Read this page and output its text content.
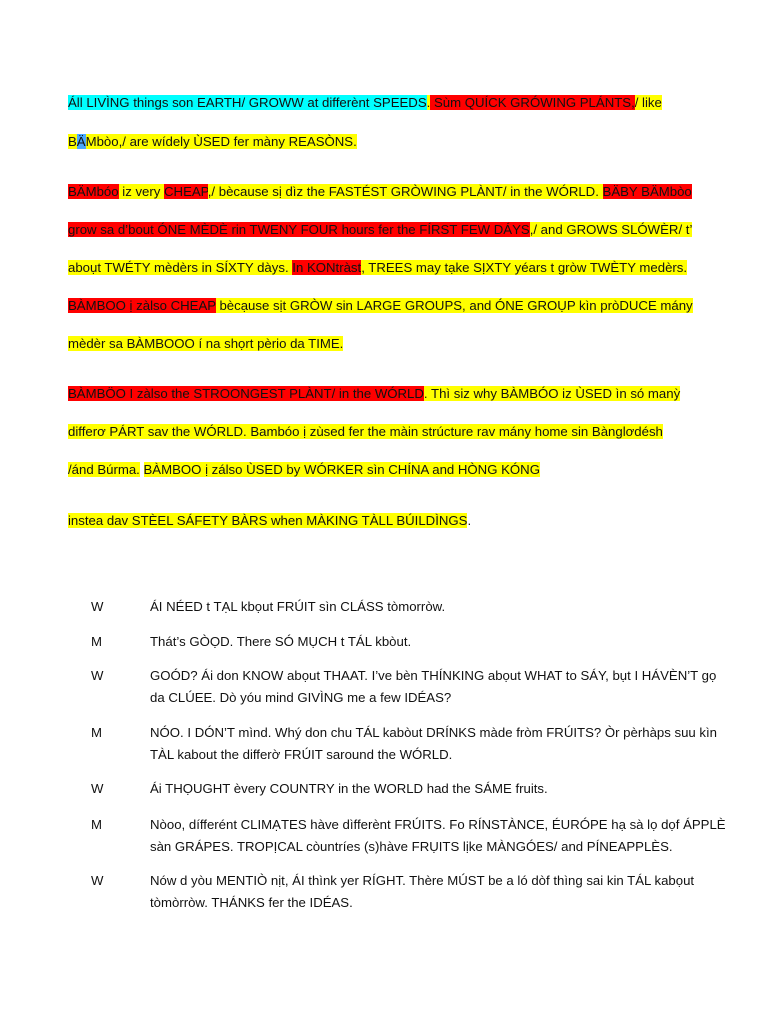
Áll LIVÌNG things son EARTH/ GROWW at differènt SPEEDS. Sùm QUÍCK GRÓWING PLÁNTS,/ like
BÄMbòo,/ are wídely ÙSED fer màny REASÒNS.
BÄMbóo iz very CHEAP,/ bècause sị dìz the FASTÉST GRÒWING PLÀNT/ in the WÓRLD. BÄBY BÄMbòo
grow sa d’bout ÓNE MÈDÈ rin TWENY FOUR hours fer the FÍRST FEW DÁYS,/ and GROWS SLÓWÈR/ t’
aboụt TWÉTY mèdèrs in SÍXTY dàys. In KONtràst, TREES may tạke SỊXTY yéars t gròw TWÈTY medèrs.
BÀMBOO ị zàlso CHEAP bècạuse sịt GRÒW sin LARGE GROUPS, and ÓNE GROỤP kìn pròDUCE mány
mèdèr sa BÀMBOOO í na shọrt pèrio da TIME.
BÀMBÖO I zàlso the STROONGEST PLÀNT/ in the WÓRLD. Thì siz why BÀMBÓO iz ÙSED ìn só manỳ
differơ PÁRT sav the WÓRLD. Bambóo ị zùsed fer the màin strúcture rav mány home sin Bànglơdésh
/ánd Búrma. BÀMBOO ị zálso ÙSED by WÓRKER sìn CHÍNA and HÒNG KÓNG
instea dav STÈEL SÁFETY BÀRS when MÀKING TÀLL BÚILDÌNGS.
W	ÁI NÉED t TẠL kbọut FRÚIT sìn CLÁSS tòmorròw.
M	Thát’s GÒỌD. There SÓ MỤCH t TÁL kbòut.
W	GOÓD? Ái don KNOW abọut THAAT. I’ve bèn THÍNKING abọut WHAT to SÁY, bụt I HÁVÈN’T gọ da CLÚEE. Dò yóu mind GIVÌNG me a few IDÉAS?
M	NÓO. I DÓN’T mìnd. Whý don chu TÁL kabòut DRÍNKS màde fròm FRÚITS? Òr pèrhàps suu kìn TÀL kabout the differờ FRÚIT saround the WÓRLD.
W	Ái THỌUGHT èvery COUNTRY in the WORLD had the SÁME fruits.
M	Nòoo, dífferént CLIMẠTES hàve dìfferènt FRÚITS. Fo RÍNSTÀNCE, ÉURÓPE hạ sà lọ dọf ÁPPLÈ sàn GRÁPES. TROPỊCAL còuntríes (s)hàve FRỤITS lịke MÀNGÓES/ and PÍNEAPPLÈS.
W	Nów d yòu MENTIÒ nịt, ÁI thìnk yer RÍGHT. Thère MÚST be a ló dòf thìng sai kin TÁL kabọut tòmòrròw. THÁNKS fer the IDÉAS.
